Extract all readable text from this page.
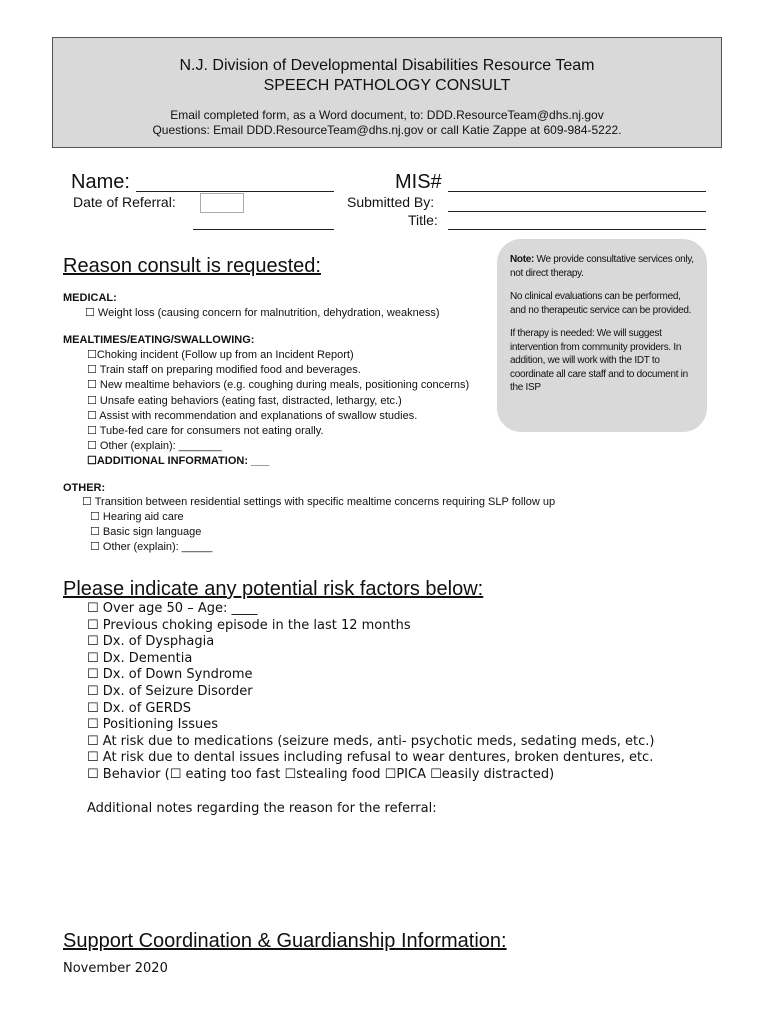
N.J. Division of Developmental Disabilities Resource Team
SPEECH PATHOLOGY CONSULT
Email completed form, as a Word document, to: DDD.ResourceTeam@dhs.nj.gov
Questions: Email DDD.ResourceTeam@dhs.nj.gov or call Katie Zappe at 609-984-5222.
Name:	MIS#
Date of Referral:	Submitted By:
Title:
Reason consult is requested:
MEDICAL:
☐ Weight loss (causing concern for malnutrition, dehydration, weakness)
MEALTIMES/EATING/SWALLOWING:
☐Choking incident (Follow up from an Incident Report)
☐ Train staff on preparing modified food and beverages.
☐ New mealtime behaviors (e.g. coughing during meals, positioning concerns)
☐ Unsafe eating behaviors (eating fast, distracted, lethargy, etc.)
☐ Assist with recommendation and explanations of swallow studies.
☐ Tube-fed care for consumers not eating orally.
☐ Other (explain): _______
☐ADDITIONAL INFORMATION: ___
OTHER:
☐ Transition between residential settings with specific mealtime concerns requiring SLP follow up
☐ Hearing aid care
☐ Basic sign language
☐ Other (explain): _____

Note: We provide consultative services only, not direct therapy.

No clinical evaluations can be performed, and no therapeutic service can be provided.

If therapy is needed: We will suggest intervention from community providers. In addition, we will work with the IDT to coordinate all care staff and to document in the ISP

Please indicate any potential risk factors below:
☐ Over age 50 – Age: ____
☐ Previous choking episode in the last 12 months
☐ Dx. of Dysphagia
☐ Dx. Dementia
☐ Dx. of Down Syndrome
☐ Dx. of Seizure Disorder
☐ Dx. of GERDS
☐ Positioning Issues
☐ At risk due to medications (seizure meds, anti- psychotic meds, sedating meds, etc.)
☐ At risk due to dental issues including refusal to wear dentures, broken dentures, etc.
☐ Behavior (☐ eating too fast ☐stealing food ☐PICA ☐easily distracted)
Additional notes regarding the reason for the referral:
Support Coordination & Guardianship Information:
November 2020
